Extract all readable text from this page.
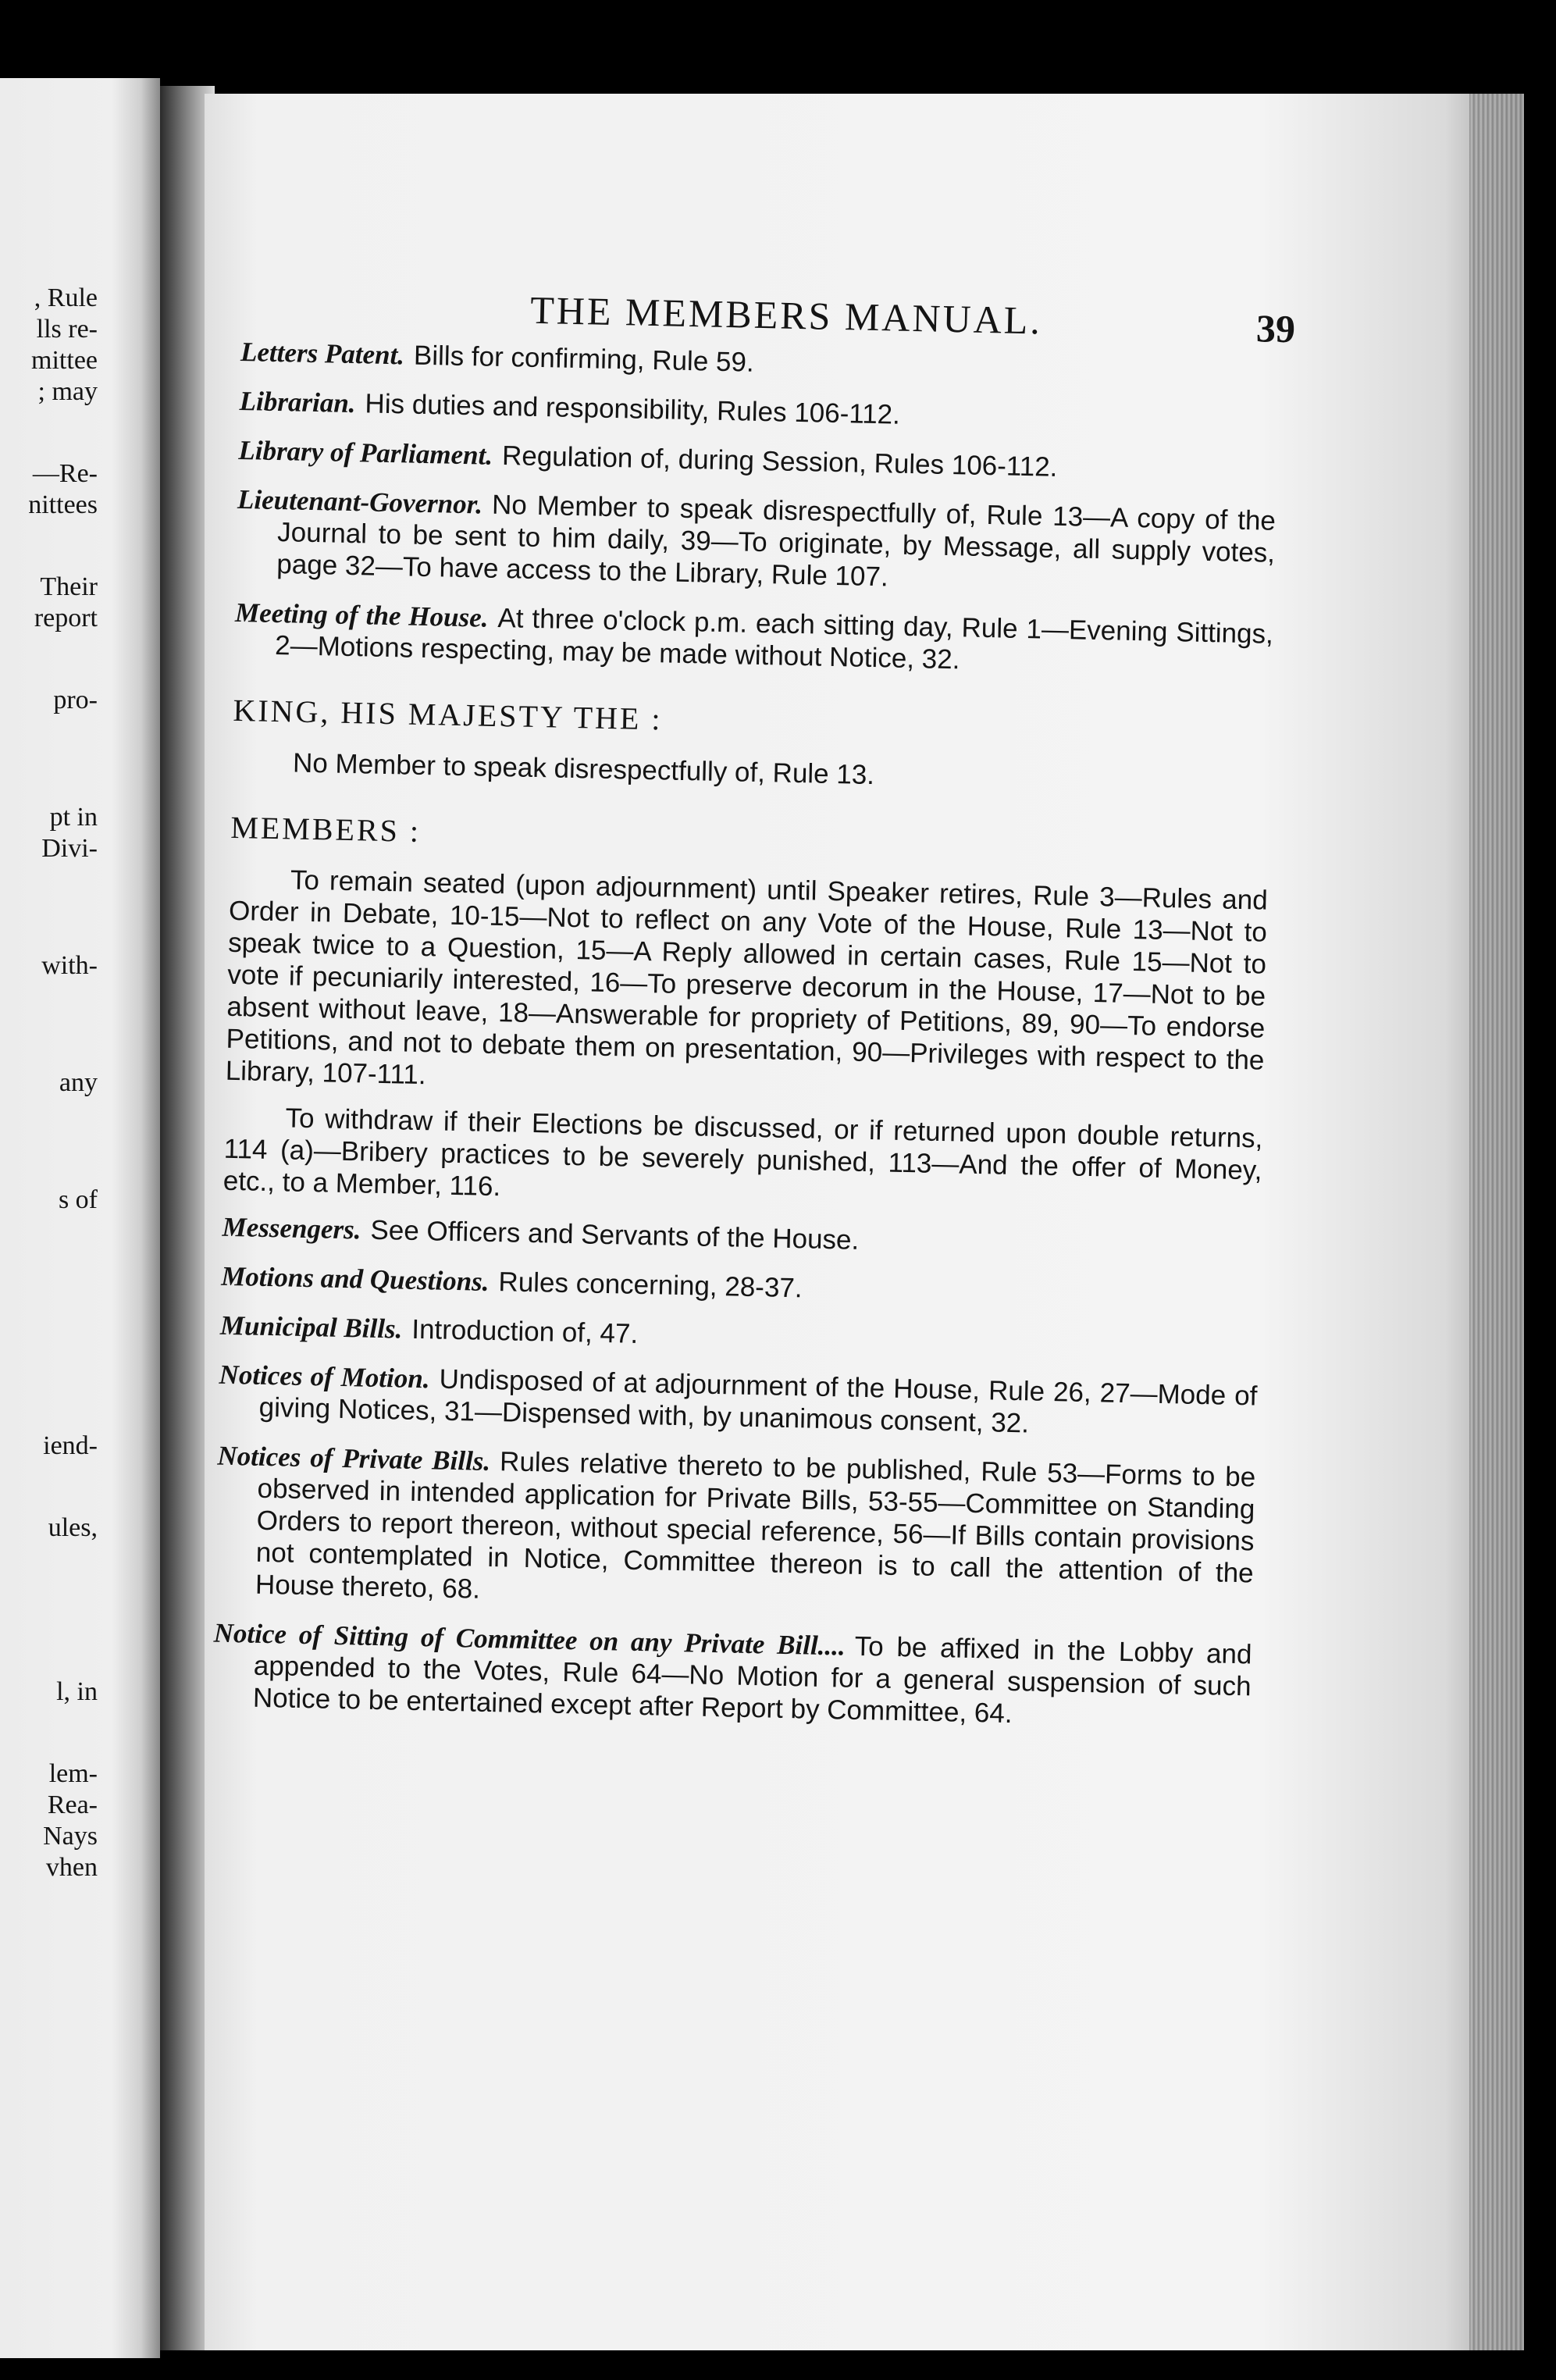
, Rule
lls re-
mittee
; may
—Re-
nittees
Their
report
pro-
pt in
Divi-
with-
any
s of
iend-
ules,
l, in
lem-
Rea-
Nays
vhen
THE MEMBERS MANUAL.	39

Letters Patent. Bills for confirming, Rule 59.

Librarian. His duties and responsibility, Rules 106-112.

Library of Parliament. Regulation of, during Session, Rules 106-112.

Lieutenant-Governor. No Member to speak disrespectfully of, Rule 13—A copy of the Journal to be sent to him daily, 39—To originate, by Message, all supply votes, page 32—To have access to the Library, Rule 107.

Meeting of the House. At three o'clock p.m. each sitting day, Rule 1—Evening Sittings, 2—Motions respecting, may be made without Notice, 32.

KING, HIS MAJESTY THE :

No Member to speak disrespectfully of, Rule 13.

MEMBERS :

To remain seated (upon adjournment) until Speaker retires, Rule 3—Rules and Order in Debate, 10-15—Not to reflect on any Vote of the House, Rule 13—Not to speak twice to a Question, 15—A Reply allowed in certain cases, Rule 15—Not to vote if pecuniarily interested, 16—To preserve decorum in the House, 17—Not to be absent without leave, 18—Answerable for propriety of Petitions, 89, 90—To endorse Petitions, and not to debate them on presentation, 90—Privileges with respect to the Library, 107-111.

To withdraw if their Elections be discussed, or if returned upon double returns, 114 (a)—Bribery practices to be severely punished, 113—And the offer of Money, etc., to a Member, 116.

Messengers. See Officers and Servants of the House.

Motions and Questions. Rules concerning, 28-37.

Municipal Bills. Introduction of, 47.

Notices of Motion. Undisposed of at adjournment of the House, Rule 26, 27—Mode of giving Notices, 31—Dispensed with, by unanimous consent, 32.

Notices of Private Bills. Rules relative thereto to be published, Rule 53—Forms to be observed in intended application for Private Bills, 53-55—Committee on Standing Orders to report thereon, without special reference, 56—If Bills contain provisions not contemplated in Notice, Committee thereon is to call the attention of the House thereto, 68.

Notice of Sitting of Committee on any Private Bill.... To be affixed in the Lobby and appended to the Votes, Rule 64—No Motion for a general suspension of such Notice to be entertained except after Report by Committee, 64.
